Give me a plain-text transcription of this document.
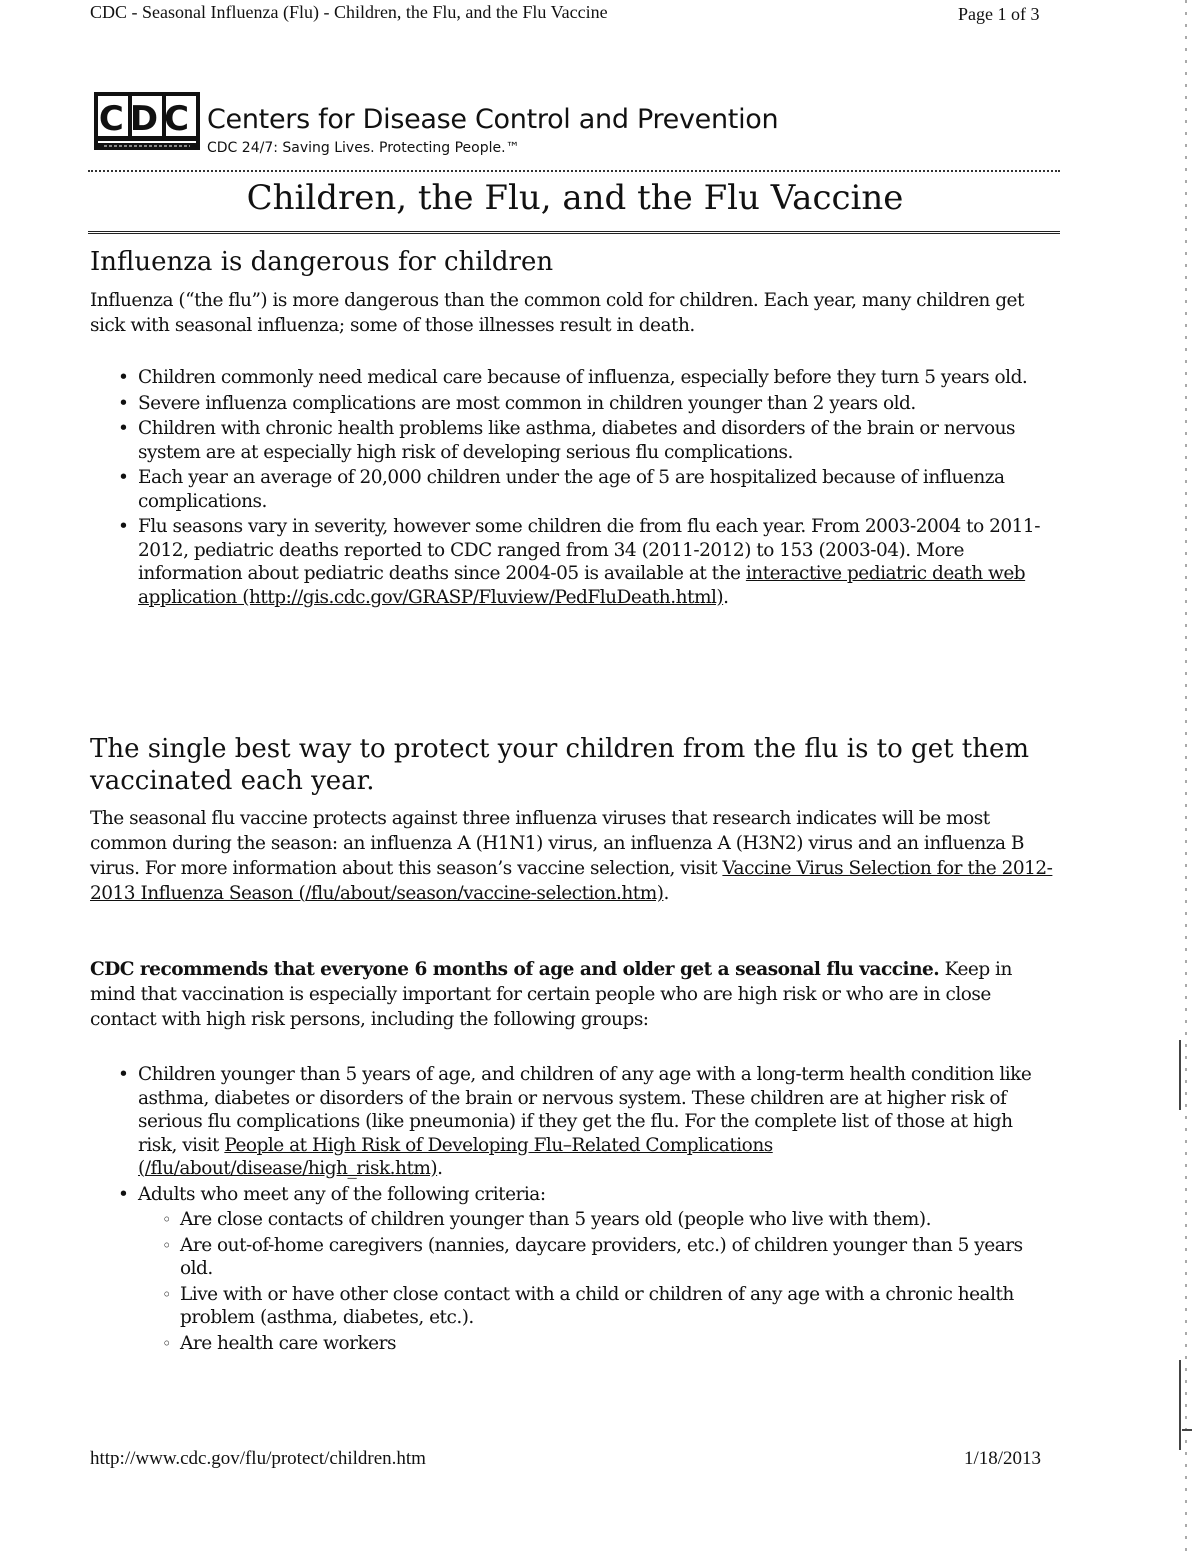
CDC - Seasonal Influenza (Flu) - Children, the Flu, and the Flu Vaccine	Page 1 of 3
CDC Centers for Disease Control and Prevention
CDC 24/7: Saving Lives. Protecting People.™
Children, the Flu, and the Flu Vaccine
Influenza is dangerous for children
Influenza (“the flu”) is more dangerous than the common cold for children. Each year, many children get sick with seasonal influenza; some of those illnesses result in death.
• Children commonly need medical care because of influenza, especially before they turn 5 years old.
• Severe influenza complications are most common in children younger than 2 years old.
• Children with chronic health problems like asthma, diabetes and disorders of the brain or nervous system are at especially high risk of developing serious flu complications.
• Each year an average of 20,000 children under the age of 5 are hospitalized because of influenza complications.
• Flu seasons vary in severity, however some children die from flu each year. From 2003-2004 to 2011-2012, pediatric deaths reported to CDC ranged from 34 (2011-2012) to 153 (2003-04). More information about pediatric deaths since 2004-05 is available at the interactive pediatric death web application (http://gis.cdc.gov/GRASP/Fluview/PedFluDeath.html).
The single best way to protect your children from the flu is to get them vaccinated each year.
The seasonal flu vaccine protects against three influenza viruses that research indicates will be most common during the season: an influenza A (H1N1) virus, an influenza A (H3N2) virus and an influenza B virus. For more information about this season’s vaccine selection, visit Vaccine Virus Selection for the 2012-2013 Influenza Season (/flu/about/season/vaccine-selection.htm).
CDC recommends that everyone 6 months of age and older get a seasonal flu vaccine. Keep in mind that vaccination is especially important for certain people who are high risk or who are in close contact with high risk persons, including the following groups:
• Children younger than 5 years of age, and children of any age with a long-term health condition like asthma, diabetes or disorders of the brain or nervous system. These children are at higher risk of serious flu complications (like pneumonia) if they get the flu. For the complete list of those at high risk, visit People at High Risk of Developing Flu–Related Complications (/flu/about/disease/high_risk.htm).
• Adults who meet any of the following criteria:
◦ Are close contacts of children younger than 5 years old (people who live with them).
◦ Are out-of-home caregivers (nannies, daycare providers, etc.) of children younger than 5 years old.
◦ Live with or have other close contact with a child or children of any age with a chronic health problem (asthma, diabetes, etc.).
◦ Are health care workers
http://www.cdc.gov/flu/protect/children.htm	1/18/2013
